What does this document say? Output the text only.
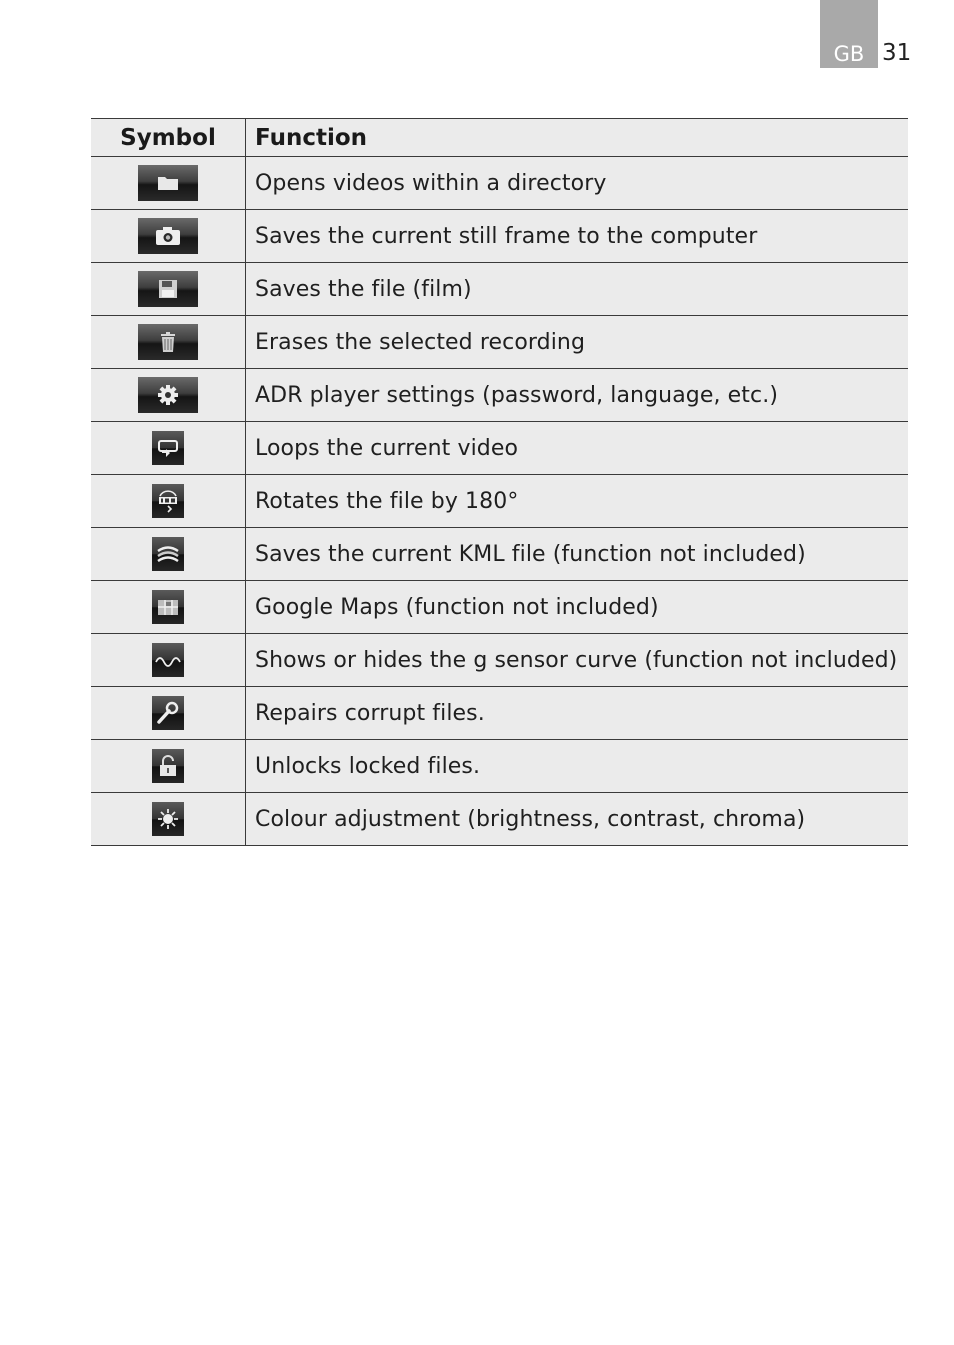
GB 31
Symbol	Function

	Opens videos within a directory

	Saves the current still frame to the computer

	Saves the file (film)

	Erases the selected recording

	ADR player settings (password, language, etc.)

	Loops the current video

	Rotates the file by 180°

	Saves the current KML file (function not included)

	Google Maps (function not included)

	Shows or hides the g sensor curve (function not included)

	Repairs corrupt files.

	Unlocks locked files.

	Colour adjustment (brightness, contrast, chroma)
